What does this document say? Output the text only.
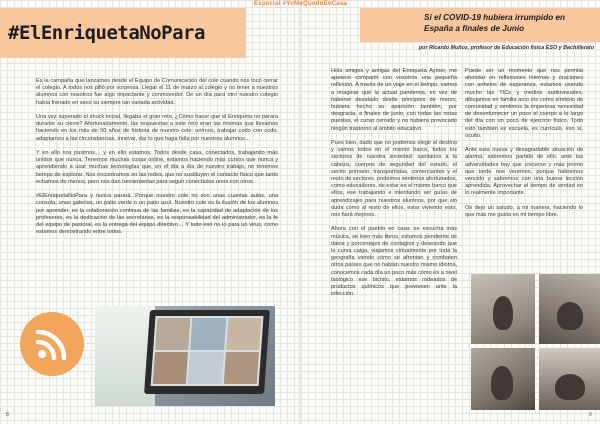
#ElEnriquetaNoPara

Es la campaña que lanzamos desde el Equipo de Comunicación del cole cuando nos tocó cerrar el colegio. A todos nos pilló por sorpresa. Llegar el 11 de marzo al colegio y no tener a nuestros alumnos con nosotros fue algo impactante y conmovedor. De un día para otro nuestro colegio había frenado en seco su siempre tan variada actividad.

Una vez superado el shock inicial, llegaba el gran reto, ¿Cómo hacer que el Enriqueta no parara durante su cierre? Afortunadamente, las respuestas a este reto eran las mismas que llevamos haciendo en los más de 50 años de historia de nuestro cole: unirnos, trabajar codo con codo, adaptarnos a las circunstancias, innovar, dar lo que haga falta por nuestros alumnos…

Y en ello nos pusimos… y en ello estamos. Todos desde casa, conectados, trabajando más unidos que nunca. Tenemos muchas cosas online, estamos haciendo más cursos que nunca y aprendiendo a usar muchas tecnologías que, en el día a día de nuestro trabajo, no tenemos tiempo de explorar. Nos encontramos en las redes, que no sustituyen el contacto físico que tanto echamos de menos, pero nos dan herramientas para seguir conectados unos con otros.

#ElEnriquetaNoPara y nunca parará. Porque nuestro cole no son unas cuantas aulas, una consola, unas galerías, un patio verde o un patio azul. Nuestro cole es la ilusión de los alumnos por aprender, es la colaboración continua de las familias, es la capacidad de adaptación de los profesores, es la dedicación de las secretarias, es la responsabilidad del administrador, es la fe del equipo de pastoral, es la entrega del equipo directivo… Y todo eso no lo para un virus, como estamos demostrando entre todos.

8
Especial #YoMeQuedoEnCasa
Si el COVID-19 hubiera irrumpido en España a finales de Junio
por Ricardo Muñoz, profesor de Educación física ESO y Bachillerato

Hola amigos y amigas del Enriqueta Aymer, me apetece compartir con vosotros una pequeña reflexión. A través de un viaje en el tiempo, vamos a imaginar que la actual pandemia, en vez de haberse desatado desde principios de marzo, hubiera hecho su aparición también, por desgracia, a finales de junio, con todas las notas puestas, el curso cerrado y no hubiera provocado ningún trastorno al ámbito educativo.

Pues bien, dado que no podemos elegir el destino y vamos todos en el mismo barco, todos los sectores de nuestra sociedad: sanitarios a la cabeza, cuerpos de seguridad del estado, el sector primario, transportistas, comerciantes y el resto de sectores, podemos sentirnos afortunados, como educadores, de estar en el mismo barco que ellos, ese trabajando e intentando ser guías de aprendizajes para nuestros alumnos, por que sin duda como al resto de ellos, estar viviendo esto, nos hará mejores.

Ahora con el pueblo en casa: se escucha más música, se leen más libros, estamos pendiente de datos y porcentajes de contagios y deseando que la curva caiga, viajamos virtualmente por toda la geografía viendo cómo se afrontan y combaten otros países que no hablan nuestro mismo idioma, conocemos cada día un poco más cómo es a nivel biológico ese bichito, estamos rodeados de productos químicos que previenen ante la infección.

Puede ser un momento que nos permita ahondar en reflexiones internas y oraciones con anhelos de esperanza, estamos usando mucho las TICs y medios audiovisuales, dibujamos en familia arco iris como símbolo de comunidad y sentimos la imperiosa necesidad de desentumecer un poco el cuerpo a lo largo del día con un poco de ejercicio físico. Todo esto también es escuela, es currículo, eso sí, oculto.

Ante esta nueva y desagradable situación de alarma, sabremos partido de ello, ante las adversidades hay que crecerse y más pronto que tarde nos veremos, porque habremos vencido y sabremos con una buena lección aprendida. Aprovechar el tiempo de verdad en lo realmente importante.

Os dejo un saludo, a mi manera, haciendo lo que más me gusta en mi tiempo libre.

9
